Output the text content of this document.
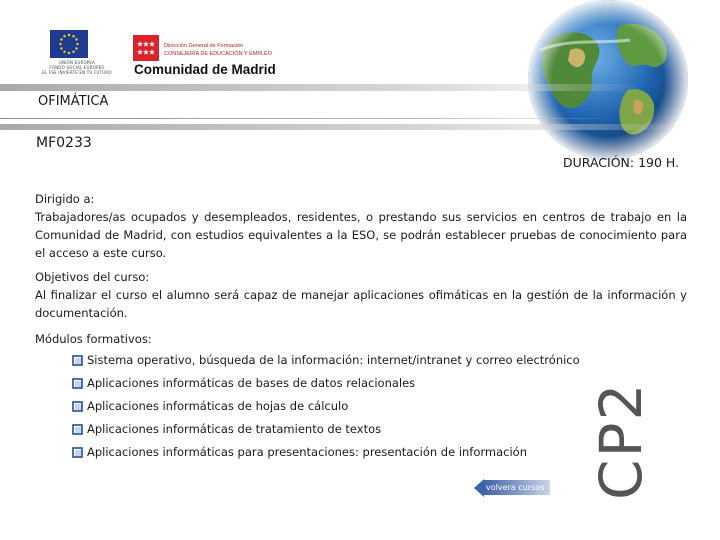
UNIÓN EUROPEA
FONDO SOCIAL EUROPEO
EL FSE INVIERTE EN TU FUTURO
Dirección General de Formación
CONSEJERÍA DE EDUCACIÓN Y EMPLEO
Comunidad de Madrid
OFIMÁTICA
MF0233
DURACIÓN: 190 H.
Dirigido a:
Trabajadores/as ocupados y desempleados, residentes, o prestando sus servicios en centros de trabajo en la Comunidad de Madrid, con estudios equivalentes a la ESO, se podrán establecer pruebas de conocimiento para el acceso a este curso.
Objetivos del curso:
Al finalizar el curso el alumno será capaz de manejar aplicaciones ofimáticas en la gestión de la información y documentación.
Módulos formativos:
Sistema operativo, búsqueda de la información: internet/intranet y correo electrónico
Aplicaciones informáticas de bases de datos relacionales
Aplicaciones informáticas de hojas de cálculo
Aplicaciones informáticas de tratamiento de textos
Aplicaciones informáticas para presentaciones: presentación de información CP2
volvera cursos
